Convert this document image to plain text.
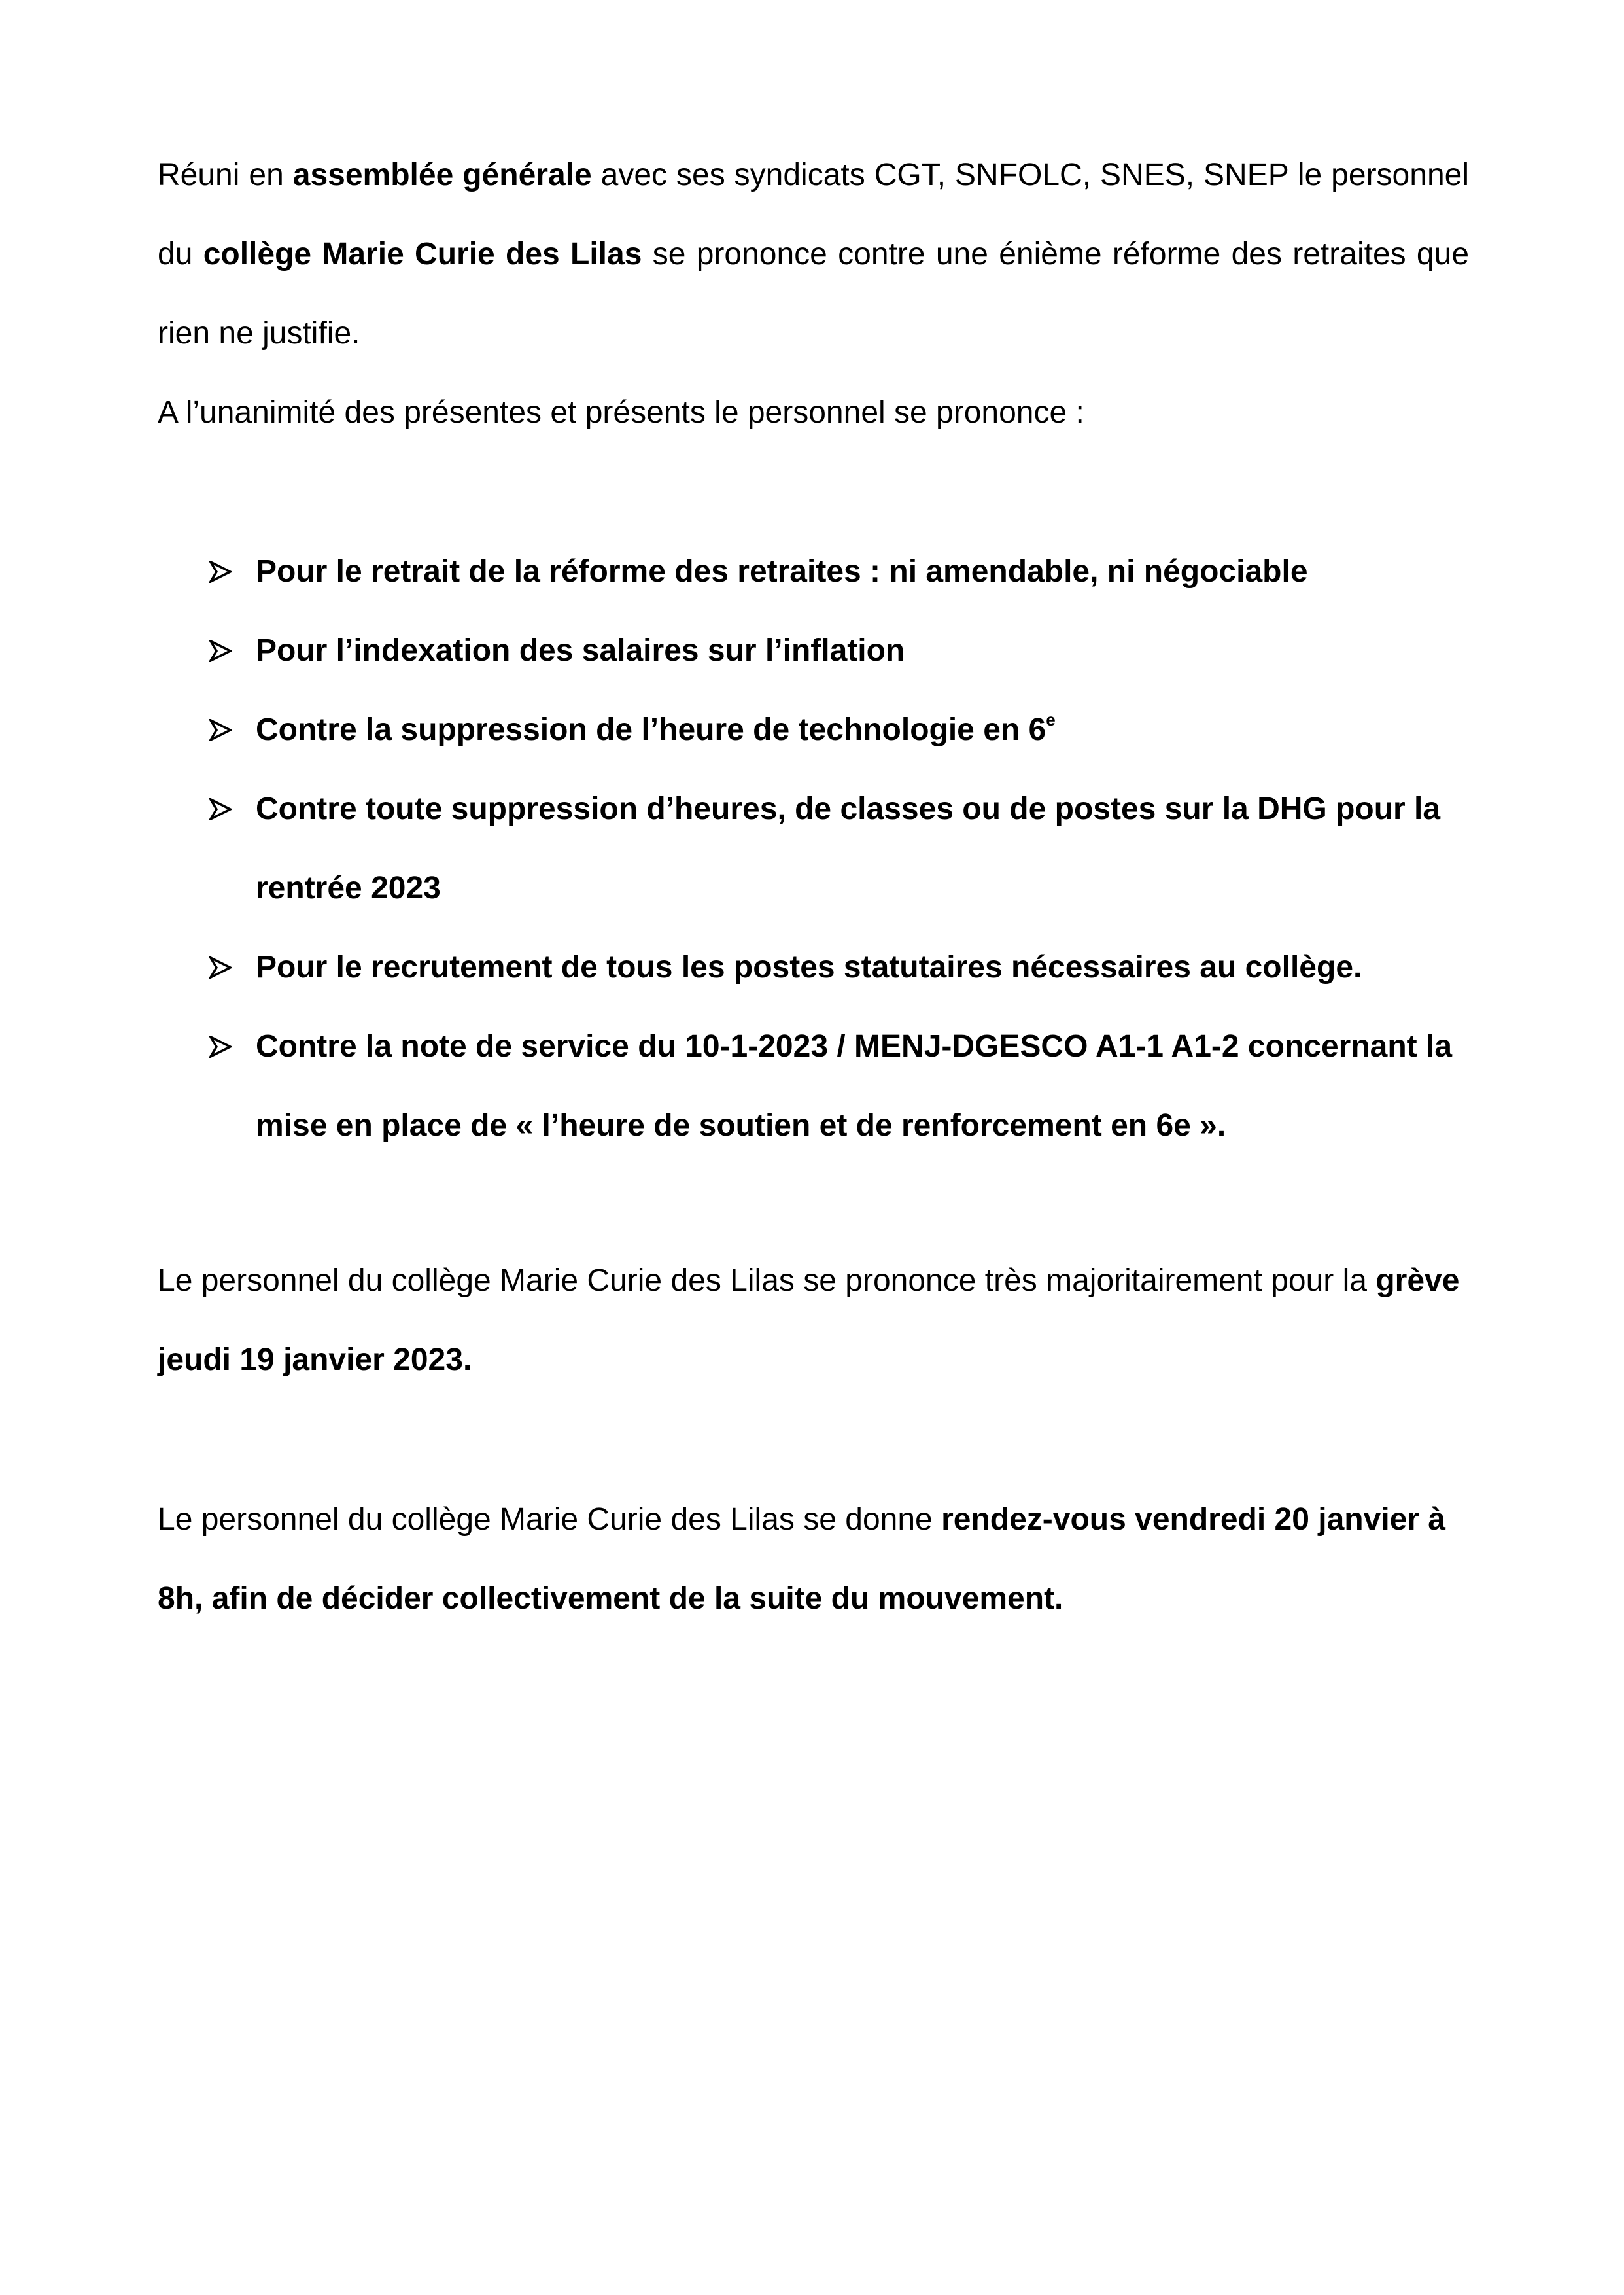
Réuni en assemblée générale avec ses syndicats CGT, SNFOLC, SNES, SNEP le personnel du collège Marie Curie des Lilas se prononce contre une énième réforme des retraites que rien ne justifie.

A l’unanimité des présentes et présents le personnel se prononce :

Pour le retrait de la réforme des retraites : ni amendable, ni négociable
Pour l’indexation des salaires sur l’inflation
Contre la suppression de l’heure de technologie en 6e
Contre toute suppression d’heures, de classes ou de postes sur la DHG pour la rentrée 2023
Pour le recrutement de tous les postes statutaires nécessaires au collège.
Contre la note de service du 10-1-2023 / MENJ-DGESCO A1-1 A1-2 concernant la mise en place de « l’heure de soutien et de renforcement en 6e ».
Le personnel du collège Marie Curie des Lilas se prononce très majoritairement pour la grève jeudi 19 janvier 2023.
Le personnel du collège Marie Curie des Lilas se donne rendez-vous vendredi 20 janvier à 8h, afin de décider collectivement de la suite du mouvement.
